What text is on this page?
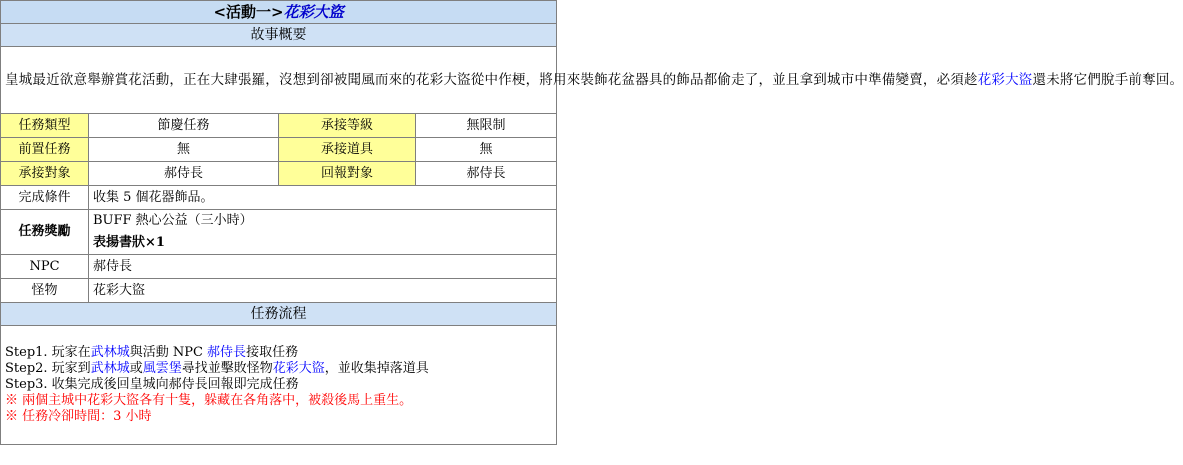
<活動一>花彩大盜			
故事概要			
皇城最近欲意舉辦賞花活動，正在大肆張羅，沒想到卻被聞風而來的花彩大盜從中作梗，將用來裝飾花盆器具的飾品都偷走了，並且拿到城市中準備變賣，必須趁花彩大盜還未將它們脫手前奪回。			
任務類型	節慶任務	承接等級	無限制
前置任務	無	承接道具	無
承接對象	郝侍長	回報對象	郝侍長
完成條件	收集 5 個花器飾品。		
任務獎勵	BUFF 熱心公益（三小時）
表揚書狀×1		

NPC	郝侍長		
怪物	花彩大盜		
任務流程			

Step1. 玩家在武林城與活動 NPC 郝侍長接取任務
Step2. 玩家到武林城或風雲堡尋找並擊敗怪物花彩大盜，並收集掉落道具
Step3. 收集完成後回皇城向郝侍長回報即完成任務
※ 兩個主城中花彩大盜各有十隻，躲藏在各角落中，被殺後馬上重生。
※ 任務冷卻時間：3 小時			
